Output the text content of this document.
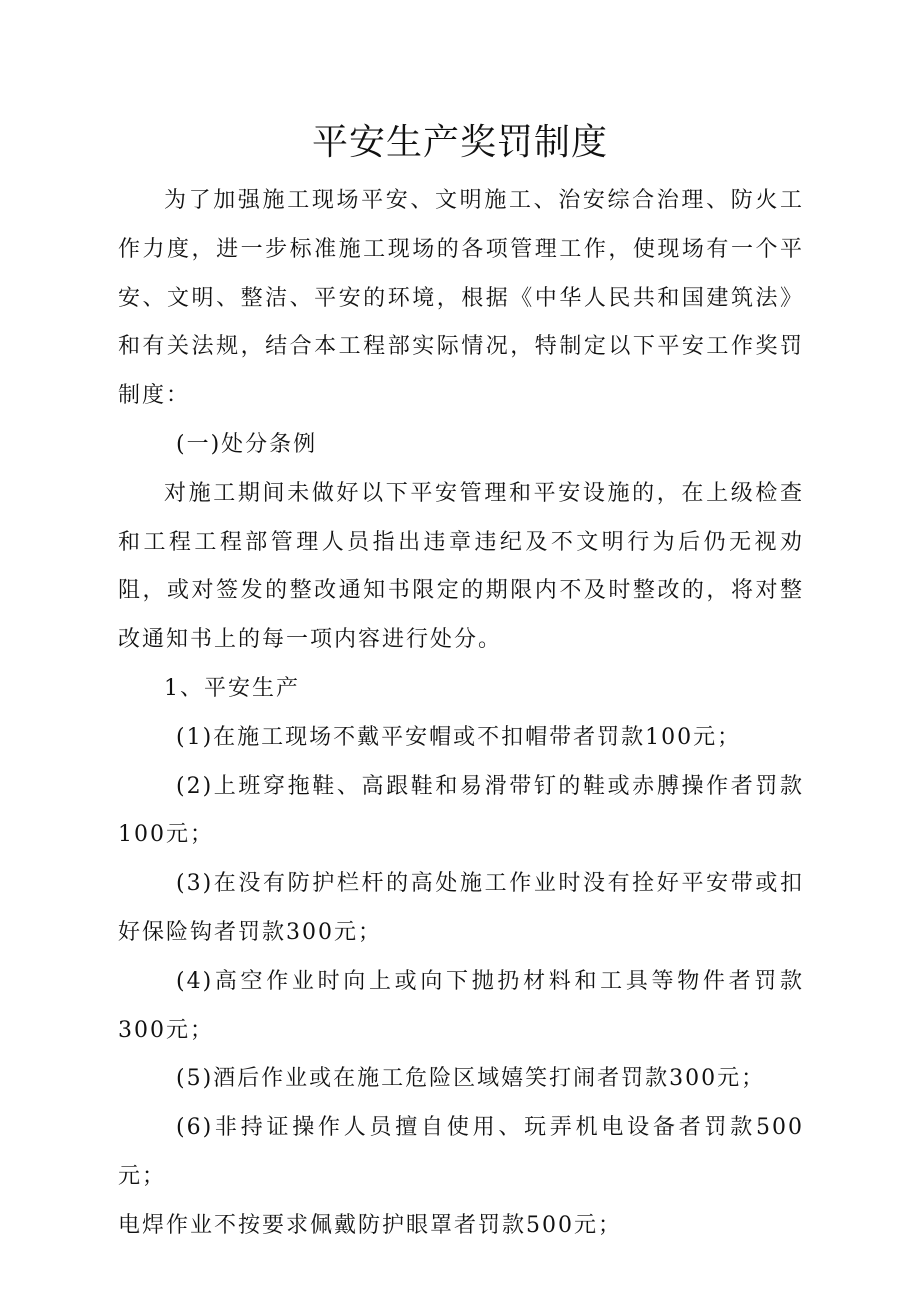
平安生产奖罚制度

为了加强施工现场平安、文明施工、治安综合治理、防火工作力度，进一步标准施工现场的各项管理工作，使现场有一个平安、文明、整洁、平安的环境，根据《中华人民共和国建筑法》和有关法规，结合本工程部实际情况，特制定以下平安工作奖罚制度：

(一)处分条例

对施工期间未做好以下平安管理和平安设施的，在上级检查和工程工程部管理人员指出违章违纪及不文明行为后仍无视劝阻，或对签发的整改通知书限定的期限内不及时整改的，将对整改通知书上的每一项内容进行处分。

1、平安生产

(1)在施工现场不戴平安帽或不扣帽带者罚款100元；

(2)上班穿拖鞋、高跟鞋和易滑带钉的鞋或赤膊操作者罚款100元；

(3)在没有防护栏杆的高处施工作业时没有拴好平安带或扣好保险钩者罚款300元；

(4)高空作业时向上或向下抛扔材料和工具等物件者罚款300元；

(5)酒后作业或在施工危险区域嬉笑打闹者罚款300元；

(6)非持证操作人员擅自使用、玩弄机电设备者罚款500元；

电焊作业不按要求佩戴防护眼罩者罚款500元；
